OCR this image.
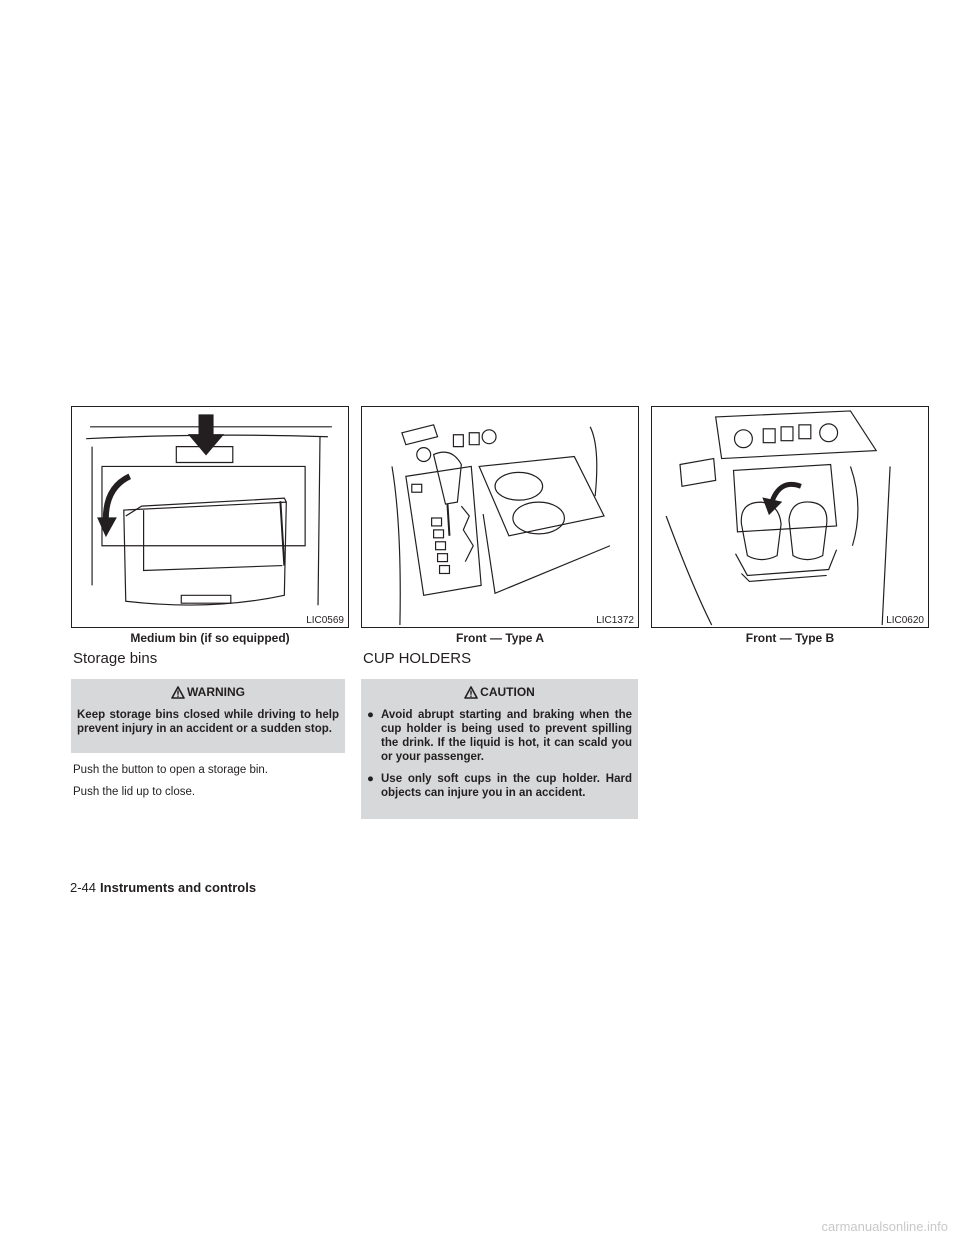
LIC0569
Medium bin (if so equipped)
LIC1372
Front — Type A
LIC0620
Front — Type B
Storage bins
WARNING
Keep storage bins closed while driving to help prevent injury in an accident or a sudden stop.

Push the button to open a storage bin.

Push the lid up to close.

CUP HOLDERS
CAUTION
● Avoid abrupt starting and braking when the cup holder is being used to prevent spilling the drink. If the liquid is hot, it can scald you or your passenger.
● Use only soft cups in the cup holder. Hard objects can injure you in an accident.
2-44 Instruments and controls
carmanualsonline.info
